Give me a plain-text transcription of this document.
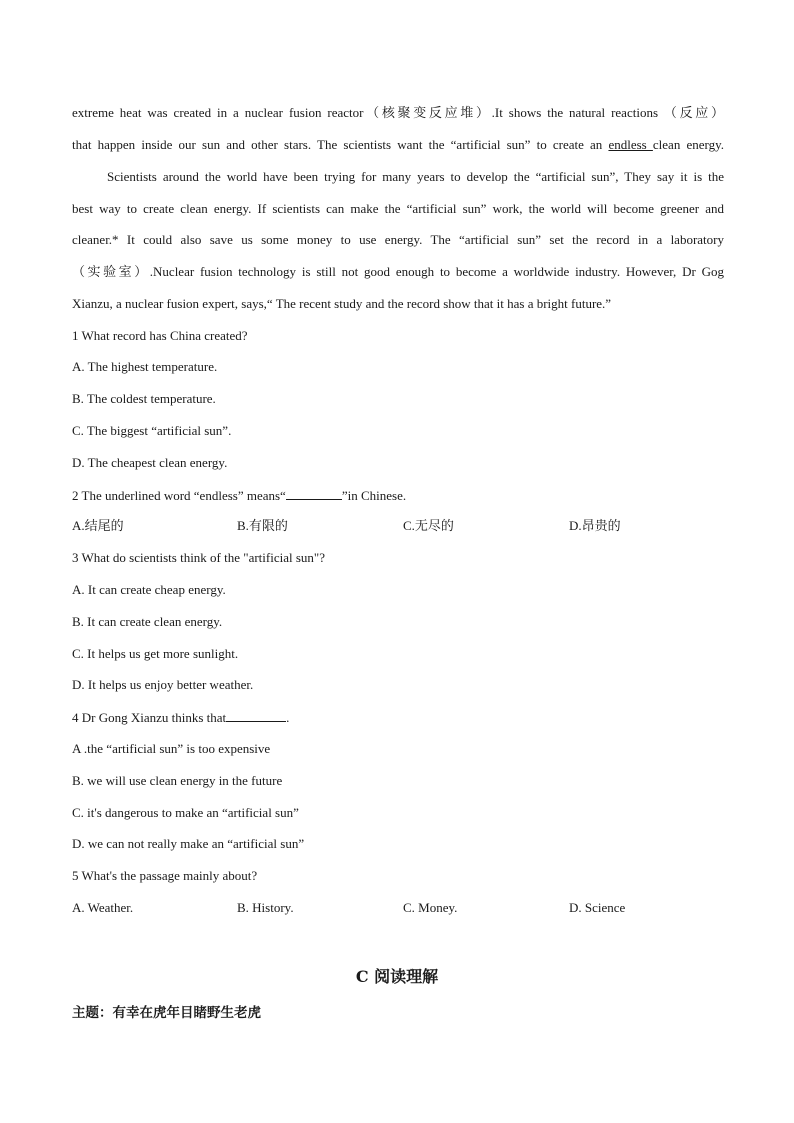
extreme heat was created in a nuclear fusion reactor（核聚变反应堆）.It shows the natural reactions （反应）
that happen inside our sun and other stars. The scientists want the “artificial sun” to create an endless clean energy.
Scientists around the world have been trying for many years to develop the “artificial sun”, They say it is the
best way to create clean energy. If scientists can make the “artificial sun” work, the world will become greener and
cleaner.* It could also save us some money to use energy. The “artificial sun” set the record in a laboratory
（实验室）.Nuclear fusion technology is still not good enough to become a worldwide industry. However, Dr Gog
Xianzu, a nuclear fusion expert, says,“ The recent study and the record show that it has a bright future.”
1 What record has China created?
A. The highest temperature.
B. The coldest temperature.
C. The biggest “artificial sun”.
D. The cheapest clean energy.
2 The underlined word “endless” means“	”in Chinese.
A.结尾的	B.有限的	C.无尽的	D.昂贵的
3 What do scientists think of the "artificial sun"?
A. It can create cheap energy.
B. It can create clean energy.
C. It helps us get more sunlight.
D. It helps us enjoy better weather.
4 Dr Gong Xianzu thinks that	.
A .the “artificial sun” is too expensive
B. we will use clean energy in the future
C. it's dangerous to make an “artificial sun”
D. we can not really make an “artificial sun”
5 What's the passage mainly about?
A. Weather.	B. History.	C. Money.	D. Science
C 阅读理解
主题：有幸在虎年目睹野生老虎
